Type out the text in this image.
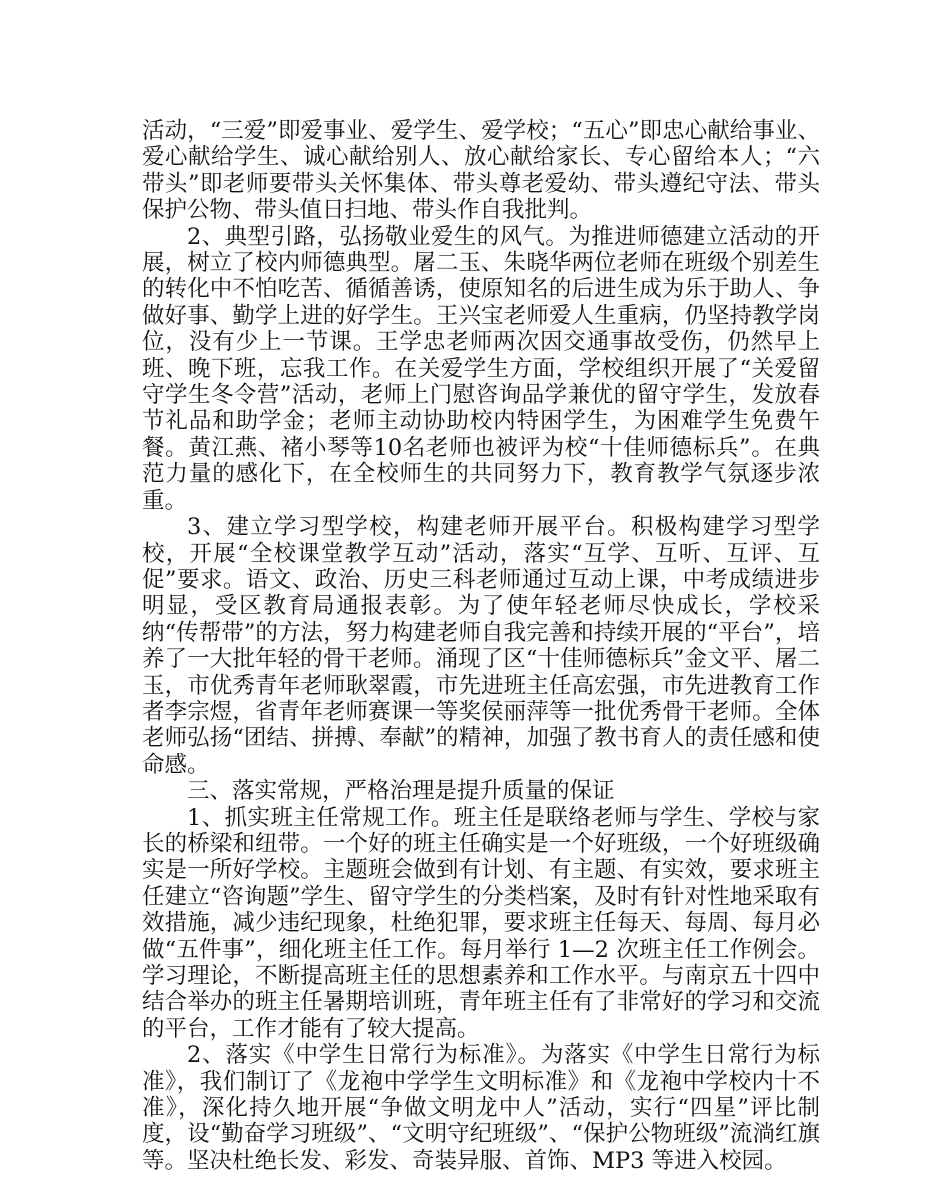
活动，“三爱”即爱事业、爱学生、爱学校；“五心”即忠心献给事业、爱心献给学生、诚心献给别人、放心献给家长、专心留给本人；“六带头”即老师要带头关怀集体、带头尊老爱幼、带头遵纪守法、带头保护公物、带头值日扫地、带头作自我批判。

2、典型引路，弘扬敬业爱生的风气。为推进师德建立活动的开展，树立了校内师德典型。屠二玉、朱晓华两位老师在班级个别差生的转化中不怕吃苦、循循善诱，使原知名的后进生成为乐于助人、争做好事、勤学上进的好学生。王兴宝老师爱人生重病，仍坚持教学岗位，没有少上一节课。王学忠老师两次因交通事故受伤，仍然早上班、晚下班，忘我工作。在关爱学生方面，学校组织开展了“关爱留守学生冬令营”活动，老师上门慰咨询品学兼优的留守学生，发放春节礼品和助学金；老师主动协助校内特困学生，为困难学生免费午餐。黄江燕、褚小琴等10名老师也被评为校“十佳师德标兵”。在典范力量的感化下，在全校师生的共同努力下，教育教学气氛逐步浓重。

3、建立学习型学校，构建老师开展平台。积极构建学习型学校，开展“全校课堂教学互动”活动，落实“互学、互听、互评、互促”要求。语文、政治、历史三科老师通过互动上课，中考成绩进步明显，受区教育局通报表彰。为了使年轻老师尽快成长，学校采纳“传帮带”的方法，努力构建老师自我完善和持续开展的“平台”，培养了一大批年轻的骨干老师。涌现了区“十佳师德标兵”金文平、屠二玉，市优秀青年老师耿翠霞，市先进班主任高宏强，市先进教育工作者李宗煜，省青年老师赛课一等奖侯丽萍等一批优秀骨干老师。全体老师弘扬“团结、拼搏、奉献”的精神，加强了教书育人的责任感和使命感。

三、落实常规，严格治理是提升质量的保证

1、抓实班主任常规工作。班主任是联络老师与学生、学校与家长的桥梁和纽带。一个好的班主任确实是一个好班级，一个好班级确实是一所好学校。主题班会做到有计划、有主题、有实效，要求班主任建立“咨询题”学生、留守学生的分类档案，及时有针对性地采取有效措施，减少违纪现象，杜绝犯罪，要求班主任每天、每周、每月必做“五件事”，细化班主任工作。每月举行 1—2 次班主任工作例会。学习理论，不断提高班主任的思想素养和工作水平。与南京五十四中结合举办的班主任暑期培训班，青年班主任有了非常好的学习和交流的平台，工作才能有了较大提高。

2、落实《中学生日常行为标准》。为落实《中学生日常行为标准》，我们制订了《龙袍中学学生文明标准》和《龙袍中学校内十不准》，深化持久地开展“争做文明龙中人”活动，实行“四星”评比制度，设“勤奋学习班级”、“文明守纪班级”、“保护公物班级”流淌红旗等。坚决杜绝长发、彩发、奇装异服、首饰、MP3 等进入校园。
